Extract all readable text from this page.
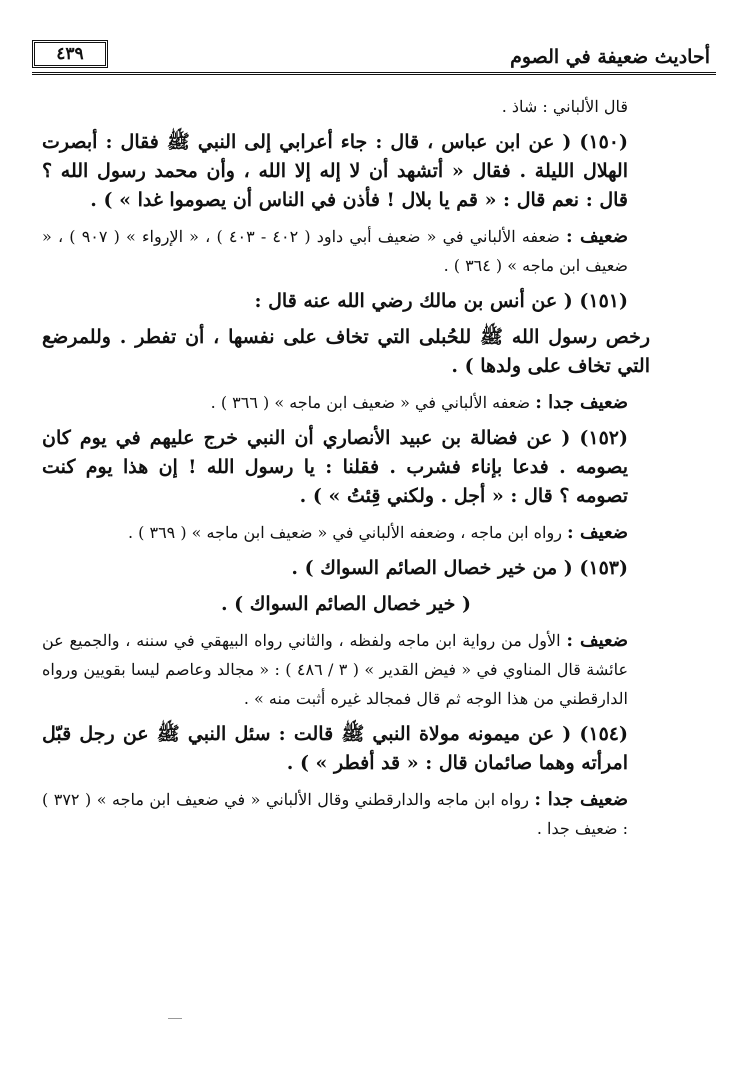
أحاديث ضعيفة في الصوم
٤٣٩

قال الألباني : شاذ .

(١٥٠) ( عن ابن عباس ، قال : جاء أعرابي إلى النبي ﷺ فقال : أبصرت الهلال الليلة . فقال « أتشهد أن لا إله إلا الله ، وأن محمد رسول الله ؟ قال : نعم قال : « قم يا بلال ! فأذن في الناس أن يصوموا غدا » ) .

ضعيف : ضعفه الألباني في « ضعيف أبي داود ( ٤٠٢ - ٤٠٣ ) ، « الإرواء » ( ٩٠٧ ) ، « ضعيف ابن ماجه » ( ٣٦٤ ) .

(١٥١) ( عن أنس بن مالك رضي الله عنه قال :

رخص رسول الله ﷺ للحُبلى التي تخاف على نفسها ، أن تفطر . وللمرضع التي تخاف على ولدها ) .

ضعيف جدا : ضعفه الألباني في « ضعيف ابن ماجه » ( ٣٦٦ ) .

(١٥٢) ( عن فضالة بن عبيد الأنصاري أن النبي خرج عليهم في يوم كان يصومه . فدعا بإناء فشرب . فقلنا : يا رسول الله ! إن هذا يوم كنت تصومه ؟ قال : « أجل . ولكني قِئتُ » ) .

ضعيف : رواه ابن ماجه ، وضعفه الألباني في « ضعيف ابن ماجه » ( ٣٦٩ ) .

(١٥٣) ( من خير خصال الصائم السواك ) .

( خير خصال الصائم السواك ) .

ضعيف : الأول من رواية ابن ماجه ولفظه ، والثاني رواه البيهقي في سننه ، والجميع عن عائشة قال المناوي في « فيض القدير » ( ٣ / ٤٨٦ ) : « مجالد وعاصم ليسا بقويين ورواه الدارقطني من هذا الوجه ثم قال فمجالد غيره أثبت منه » .

(١٥٤) ( عن ميمونه مولاة النبي ﷺ قالت : سئل النبي ﷺ عن رجل قبّل امرأته وهما صائمان قال : « قد أفطر » ) .

ضعيف جدا : رواه ابن ماجه والدارقطني وقال الألباني « في ضعيف ابن ماجه » ( ٣٧٢ ) : ضعيف جدا .
